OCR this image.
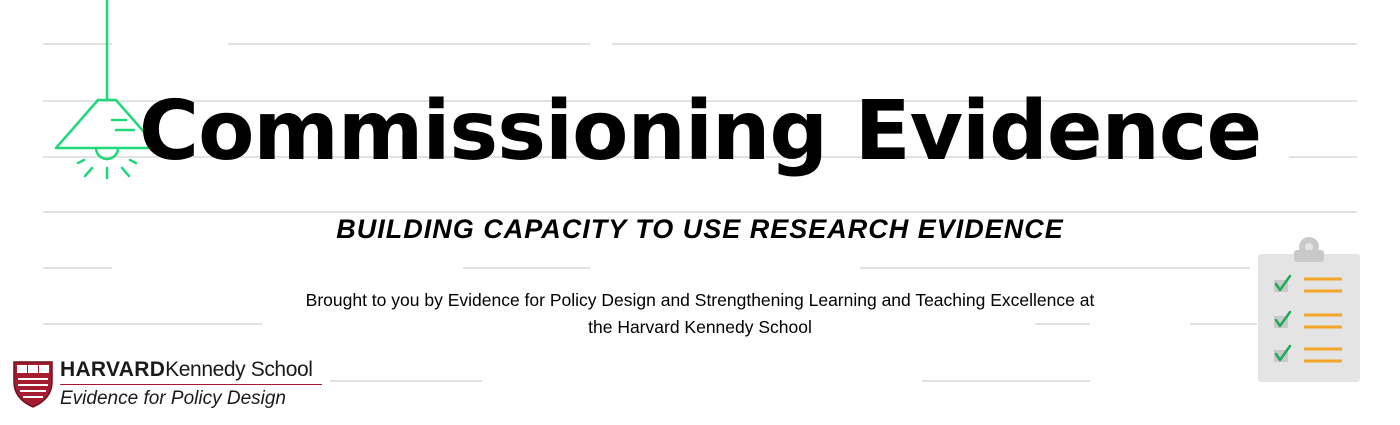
Commissioning Evidence
BUILDING CAPACITY TO USE RESEARCH EVIDENCE
Brought to you by Evidence for Policy Design and Strengthening Learning and Teaching Excellence at
the Harvard Kennedy School
HARVARDKennedy School
Evidence for Policy Design
